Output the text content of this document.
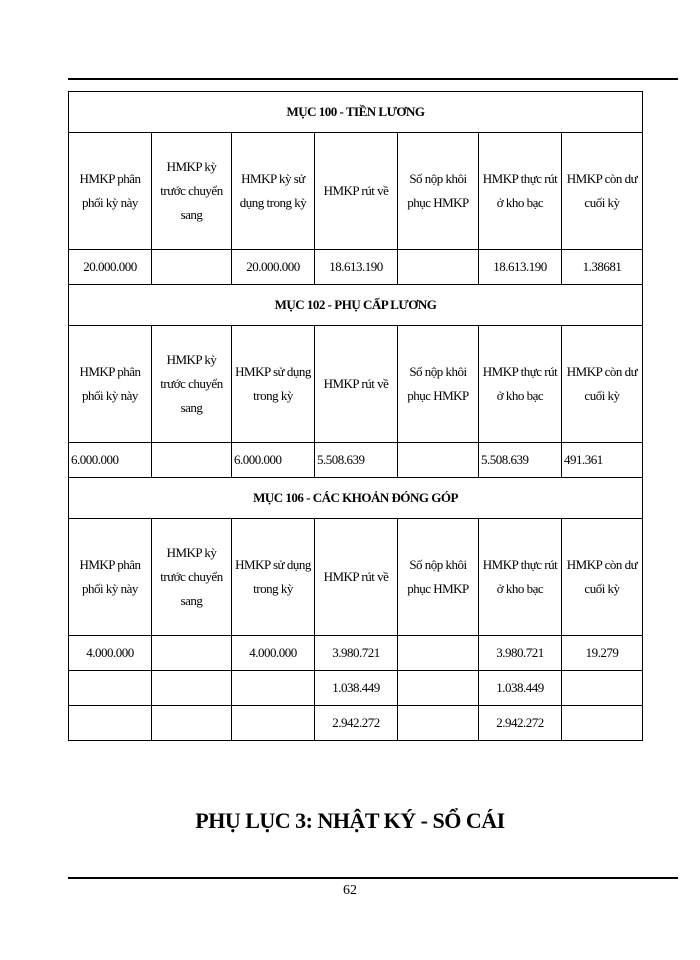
MỤC 100 - TIỀN LƯƠNG						
HMKP phân phối kỳ này	HMKP kỳ trước chuyển sang	HMKP kỳ sử dụng trong kỳ	HMKP rút về	Số nộp khôi phục HMKP	HMKP thực rút ở kho bạc	HMKP còn dư cuối kỳ
20.000.000		20.000.000	18.613.190		18.613.190	1.38681
MỤC 102 - PHỤ CẤP LƯƠNG						
HMKP phân phối kỳ này	HMKP kỳ trước chuyển sang	HMKP sử dụng trong kỳ	HMKP rút về	Số nộp khôi phục HMKP	HMKP thực rút ở kho bạc	HMKP còn dư cuối kỳ
6.000.000		6.000.000	5.508.639		5.508.639	491.361
MỤC 106 - CÁC KHOẢN ĐÓNG GÓP						
HMKP phân phối kỳ này	HMKP kỳ trước chuyển sang	HMKP sử dụng trong kỳ	HMKP rút về	Số nộp khôi phục HMKP	HMKP thực rút ở kho bạc	HMKP còn dư cuối kỳ
4.000.000		4.000.000	3.980.721		3.980.721	19.279
			1.038.449		1.038.449	
			2.942.272		2.942.272	
PHỤ LỤC 3: NHẬT KÝ - SỔ CÁI
62
